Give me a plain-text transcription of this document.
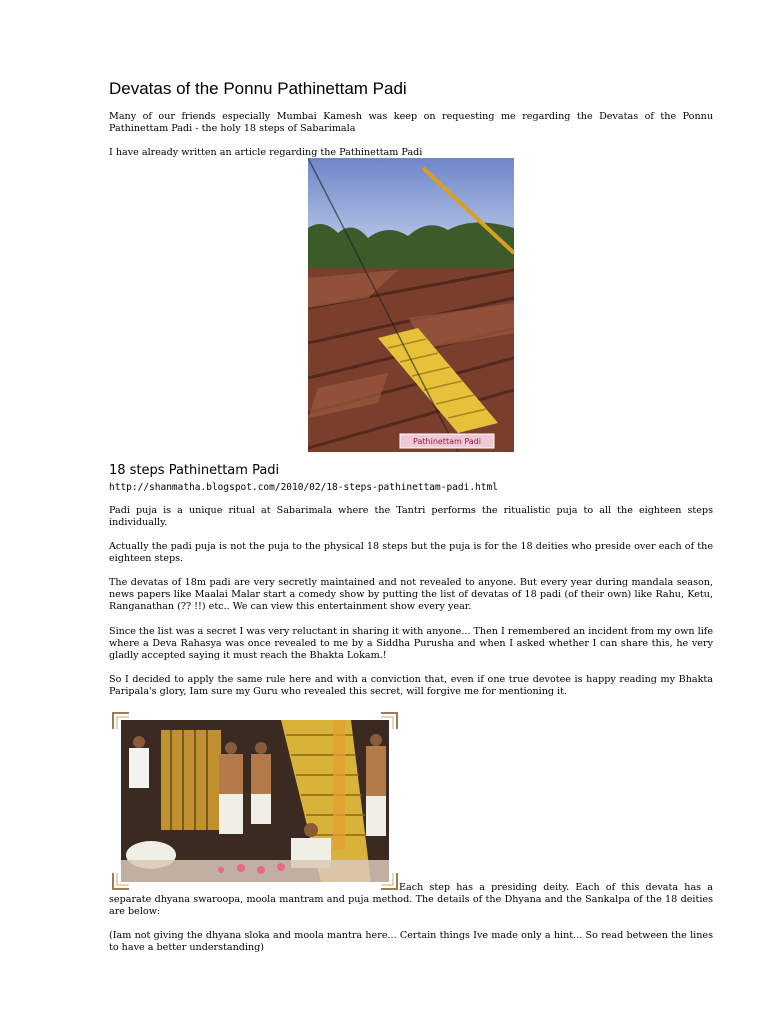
Devatas of the Ponnu Pathinettam Padi

Many of our friends especially Mumbai Kamesh was keep on requesting me regarding the Devatas of the Ponnu Pathinettam Padi - the holy 18 steps of Sabarimala

I have already written an article regarding the Pathinettam Padi

Pathinettam Padi
18 steps Pathinettam Padi
http://shanmatha.blogspot.com/2010/02/18-steps-pathinettam-padi.html

Padi puja is a unique ritual at Sabarimala where the Tantri performs the ritualistic puja to all the eighteen steps individually.

Actually the padi puja is not the puja to the physical 18 steps but the puja is for the 18 deities who preside over each of the eighteen steps.

The devatas of 18m padi are very secretly maintained and not revealed to anyone. But every year during mandala season, news papers like Maalai Malar start a comedy show by putting the list of devatas of 18 padi (of their own) like Rahu, Ketu, Ranganathan (?? !!) etc.. We can view this entertainment show every year.

Since the list was a secret I was very reluctant in sharing it with anyone... Then I remembered an incident from my own life where a Deva Rahasya was once revealed to me by a Siddha Purusha and when I asked whether I can share this, he very gladly accepted saying it must reach the Bhakta Lokam.!

So I decided to apply the same rule here and with a conviction that, even if one true devotee is happy reading my Bhakta Paripala's glory, Iam sure my Guru who revealed this secret, will forgive me for mentioning it.

Each step has a presiding deity. Each of this devata has a separate dhyana swaroopa, moola mantram and puja method. The details of the Dhyana and the Sankalpa of the 18 deities are below:

(Iam not giving the dhyana sloka and moola mantra here... Certain things Ive made only a hint... So read between the lines to have a better understanding)
